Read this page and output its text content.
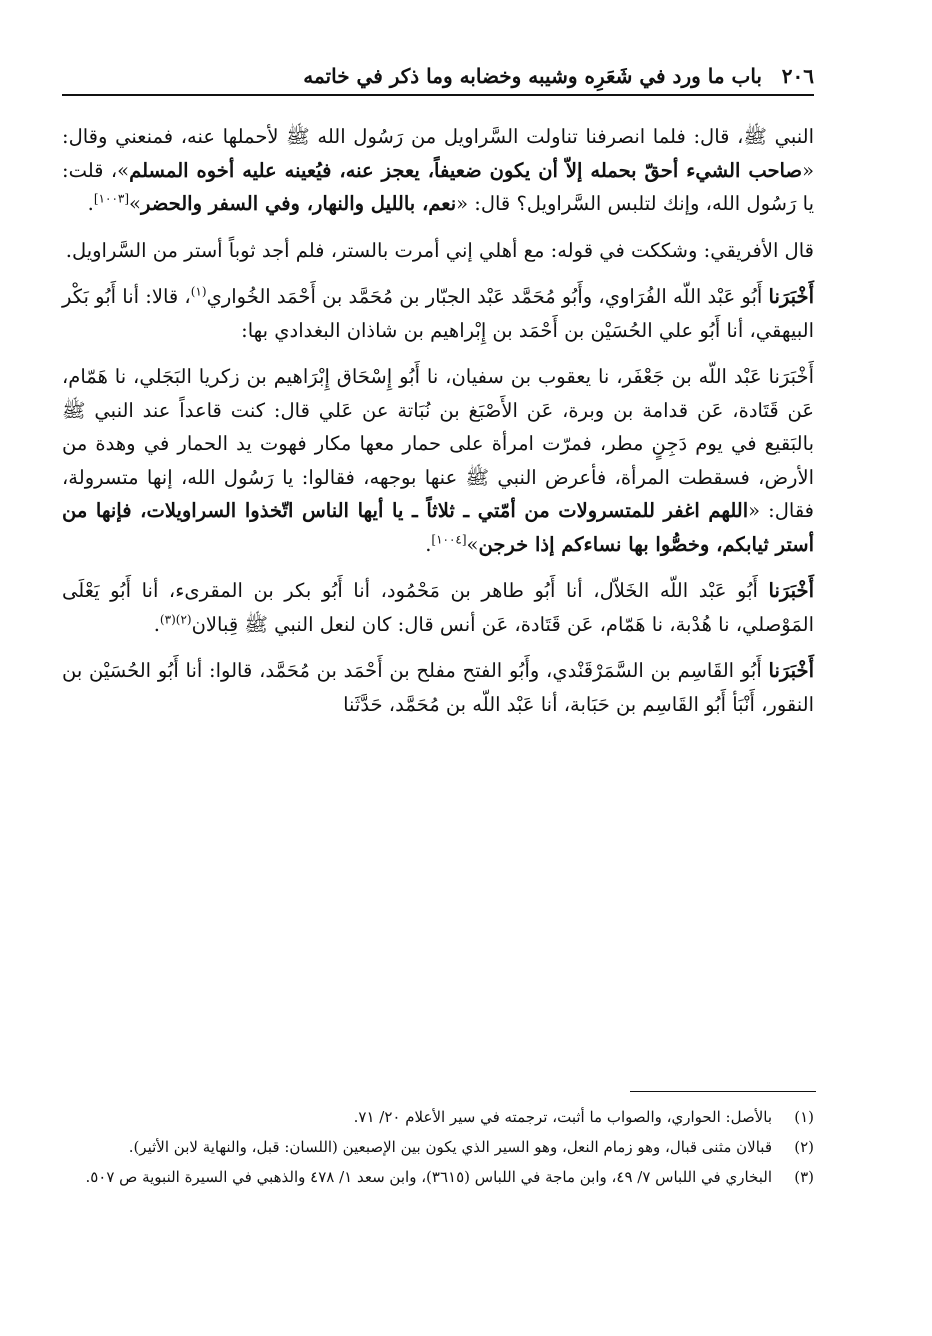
٢٠٦
باب ما ورد في شَعَرِه وشيبه وخضابه وما ذكر في خاتمه

النبي ﷺ، قال: فلما انصرفنا تناولت السَّراويل من رَسُول الله ﷺ لأحملها عنه، فمنعني وقال: «صاحب الشيء أحقّ بحمله إلاّ أن يكون ضعيفاً، يعجز عنه، فيُعينه عليه أخوه المسلم»، قلت: يا رَسُول الله، وإنك لتلبس السَّراويل؟ قال: «نعم، بالليل والنهار، وفي السفر والحضر»[١٠٠٣].

قال الأفريقي: وشككت في قوله: مع أهلي إني أمرت بالستر، فلم أجد ثوباً أستر من السَّراويل.

أَخْبَرَنا أَبُو عَبْد اللّه الفُرَاوي، وأَبُو مُحَمَّد عَبْد الجبّار بن مُحَمَّد بن أَحْمَد الخُواري$^{(١)}$، قالا: أنا أَبُو بَكْر البيهقي، أنا أَبُو علي الحُسَيْن بن أَحْمَد بن إِبْراهيم بن شاذان البغدادي بها:

أَخْبَرَنا عَبْد اللّه بن جَعْفَر، نا يعقوب بن سفيان، نا أَبُو إِسْحَاق إِبْرَاهيم بن زكريا البَجَلي، نا هَمّام، عَن قَتَادة، عَن قدامة بن وبرة، عَن الأَصْبَغ بن نُبَاتة عن عَلي قال: كنت قاعداً عند النبي ﷺ بالبَقيع في يوم دَجِنٍ مطر، فمرّت امرأة على حمار معها مكار فهوت يد الحمار في وهدة من الأرض، فسقطت المرأة، فأعرض النبي ﷺ عنها بوجهه، فقالوا: يا رَسُول الله، إنها متسرولة، فقال: «اللهم اغفر للمتسرولات من أمّتي ـ ثلاثاً ـ يا أيها الناس اتّخذوا السراويلات، فإنها من أستر ثيابكم، وخصُّوا بها نساءكم إذا خرجن»[١٠٠٤].

أَخْبَرَنا أَبُو عَبْد اللّه الخَلاّل، أنا أَبُو طاهر بن مَحْمُود، أنا أَبُو بكر بن المقرىء، أنا أَبُو يَعْلَى المَوْصلي، نا هُدْبة، نا هَمّام، عَن قَتَادة، عَن أنس قال: كان لنعل النبي ﷺ قِبالان$^{(٢)(٣)}$.

أَخْبَرَنا أَبُو القَاسِم بن السَّمَرْقَنْدي، وأَبُو الفتح مفلح بن أَحْمَد بن مُحَمَّد، قالوا: أنا أَبُو الحُسَيْن بن النقور، أَنْبَأ أَبُو القَاسِم بن حَبَابة، أنا عَبْد اللّه بن مُحَمَّد، حَدَّثَنا

(١)
بالأصل: الحواري، والصواب ما أثبت، ترجمته في سير الأعلام ٢٠/ ٧١.
(٢)
قبالان مثنى قبال، وهو زمام النعل، وهو السير الذي يكون بين الإصبعين (اللسان: قبل، والنهاية لابن الأثير).
(٣)
البخاري في اللباس ٧/ ٤٩، وابن ماجة في اللباس (٣٦١٥)، وابن سعد ١/ ٤٧٨ والذهبي في السيرة النبوية ص ٥٠٧.
